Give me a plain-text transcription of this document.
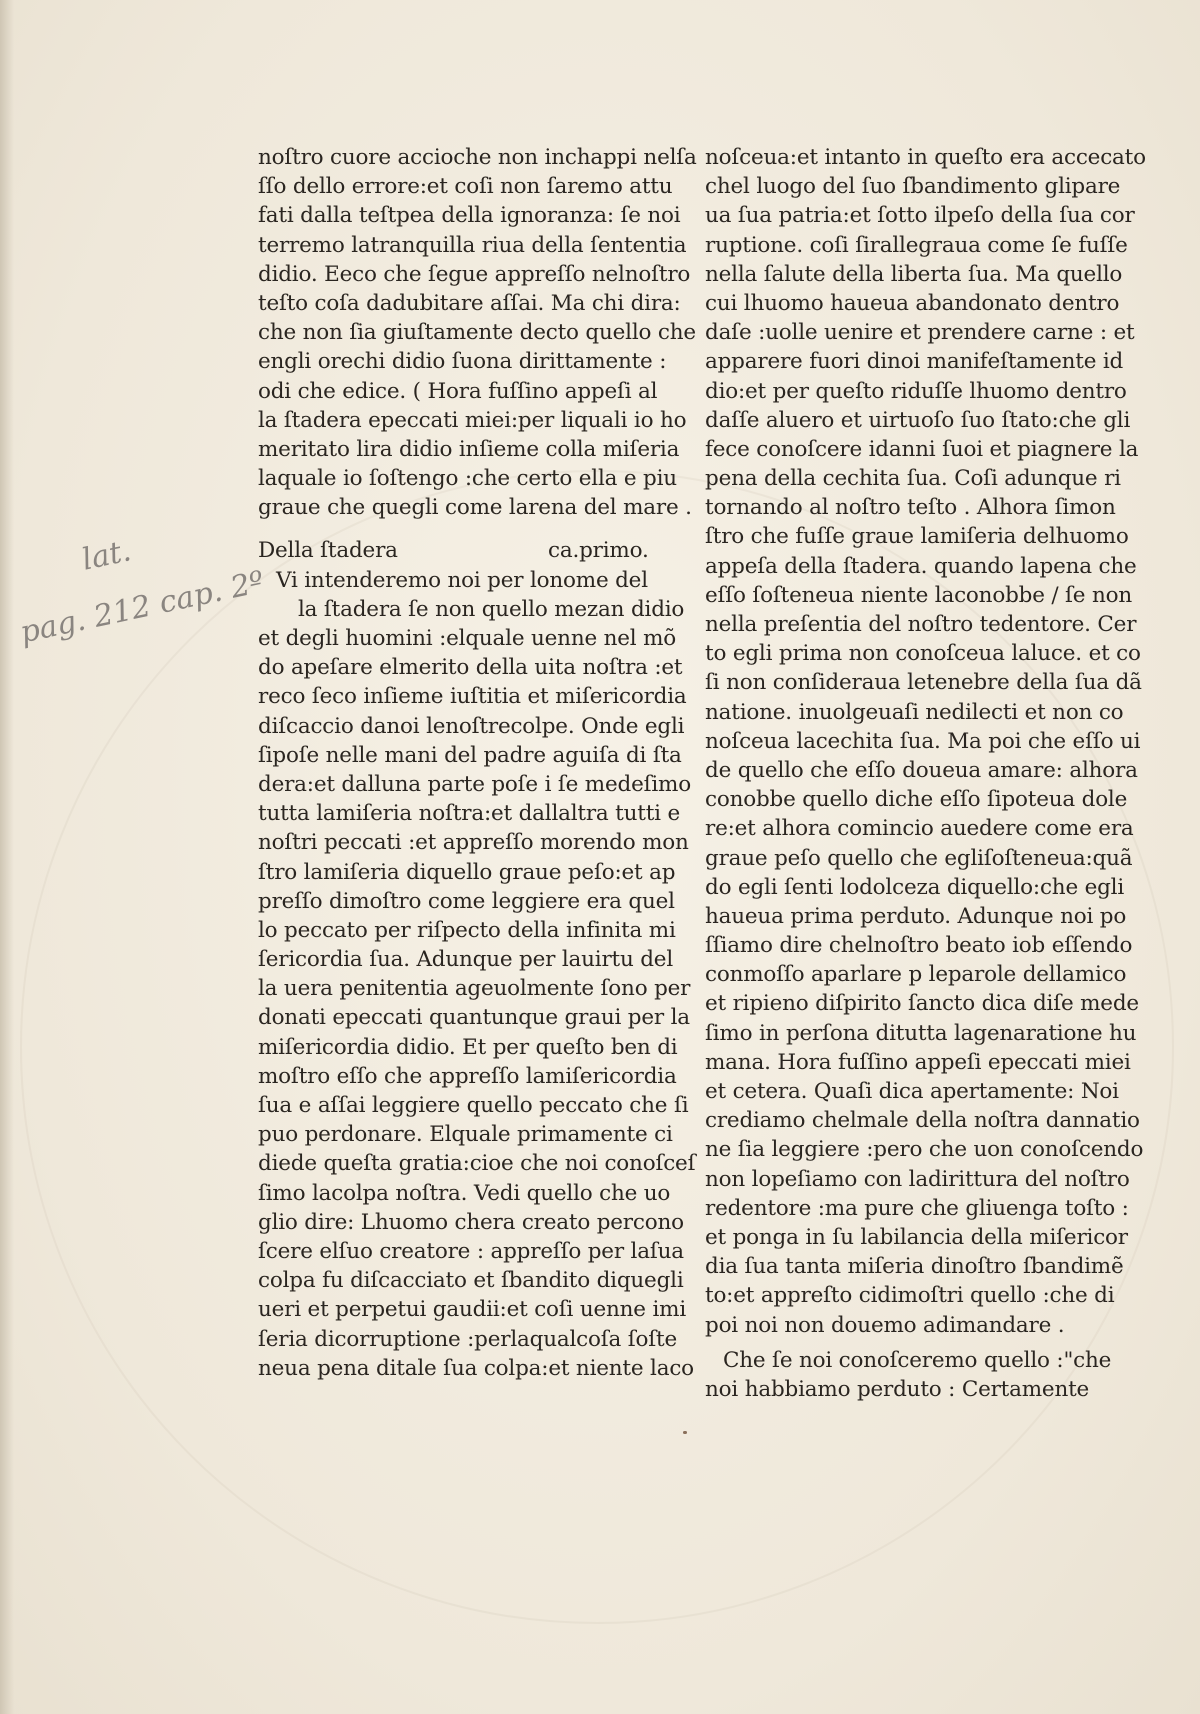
lat.
pag. 212 cap. 2º
noſtro cuore accioche non inchappi nelſa
ſſo dello errore:et coſi non ſaremo attu
fati dalla teſtpea della ignoranza: ſe noi
terremo latranquilla riua della ſententia
didio. Eeco che ſegue appreſſo nelnoſtro
teſto coſa dadubitare aſſai. Ma chi dira:
che non ſia giuſtamente decto quello che
engli orechi didio ſuona dirittamente :
odi che edice. ( Hora fuſſino appeſi al
la ſtadera epeccati miei:per liquali io ho
meritato lira didio inſieme colla miſeria
laquale io ſoſtengo :che certo ella e piu
graue che quegli come larena del mare .
Della ſtadera	ca.primo.
Vi intenderemo noi per lonome del
la ſtadera ſe non quello mezan didio
et degli huomini :elquale uenne nel mõ
do apeſare elmerito della uita noſtra :et
reco ſeco inſieme iuſtitia et miſericordia
diſcaccio danoi lenoſtrecolpe. Onde egli
ſipoſe nelle mani del padre aguiſa di ſta
dera:et dalluna parte poſe i ſe medeſimo
tutta lamiſeria noſtra:et dallaltra tutti e
noſtri peccati :et appreſſo morendo mon
ſtro lamiſeria diquello graue peſo:et ap
preſſo dimoſtro come leggiere era quel
lo peccato per riſpecto della infinita mi
ſericordia ſua. Adunque per lauirtu del
la uera penitentia ageuolmente ſono per
donati epeccati quantunque graui per la
miſericordia didio. Et per queſto ben di
moſtro eſſo che appreſſo lamiſericordia
ſua e aſſai leggiere quello peccato che ſi
puo perdonare. Elquale primamente ci
diede queſta gratia:cioe che noi conoſceſ
ſimo lacolpa noſtra. Vedi quello che uo
glio dire: Lhuomo chera creato percono
ſcere elſuo creatore : appreſſo per laſua
colpa fu diſcacciato et ſbandito diquegli
ueri et perpetui gaudii:et coſi uenne imi
ſeria dicorruptione :perlaqualcoſa ſoſte
neua pena ditale ſua colpa:et niente laco
noſceua:et intanto in queſto era accecato
chel luogo del ſuo ſbandimento glipare
ua ſua patria:et ſotto ilpeſo della ſua cor
ruptione. coſi ſirallegraua come ſe fuſſe
nella ſalute della liberta ſua. Ma quello
cui lhuomo haueua abandonato dentro
daſe :uolle uenire et prendere carne : et
apparere fuori dinoi manifeſtamente id
dio:et per queſto riduſſe lhuomo dentro
daſſe aluero et uirtuoſo ſuo ſtato:che gli
fece conoſcere idanni ſuoi et piagnere la
pena della cechita ſua. Coſi adunque ri
tornando al noſtro teſto . Alhora ſimon
ſtro che fuſſe graue lamiſeria delhuomo
appeſa della ſtadera. quando lapena che
eſſo ſoſteneua niente laconobbe / ſe non
nella preſentia del noſtro tedentore. Cer
to egli prima non conoſceua laluce. et co
ſi non conſideraua letenebre della ſua dã
natione. inuolgeuaſi nedilecti et non co
noſceua lacechita ſua. Ma poi che eſſo ui
de quello che eſſo doueua amare: alhora
conobbe quello diche eſſo ſipoteua dole
re:et alhora comincio auedere come era
graue peſo quello che egliſoſteneua:quã
do egli ſenti lodolceza diquello:che egli
haueua prima perduto. Adunque noi po
ſſiamo dire chelnoſtro beato iob eſſendo
conmoſſo aparlare p leparole dellamico
et ripieno diſpirito ſancto dica diſe mede
ſimo in perſona ditutta lagenaratione hu
mana. Hora fuſſino appeſi epeccati miei
et cetera. Quaſi dica apertamente: Noi
crediamo chelmale della noſtra dannatio
ne ſia leggiere :pero che uon conoſcendo
non lopeſiamo con ladirittura del noſtro
redentore :ma pure che gliuenga toſto :
et ponga in ſu labilancia della miſericor
dia ſua tanta miſeria dinoſtro ſbandimẽ
to:et appreſto cidimoſtri quello :che di
poi noi non douemo adimandare .
Che ſe noi conoſceremo quello :"che
noi habbiamo perduto : Certamente
